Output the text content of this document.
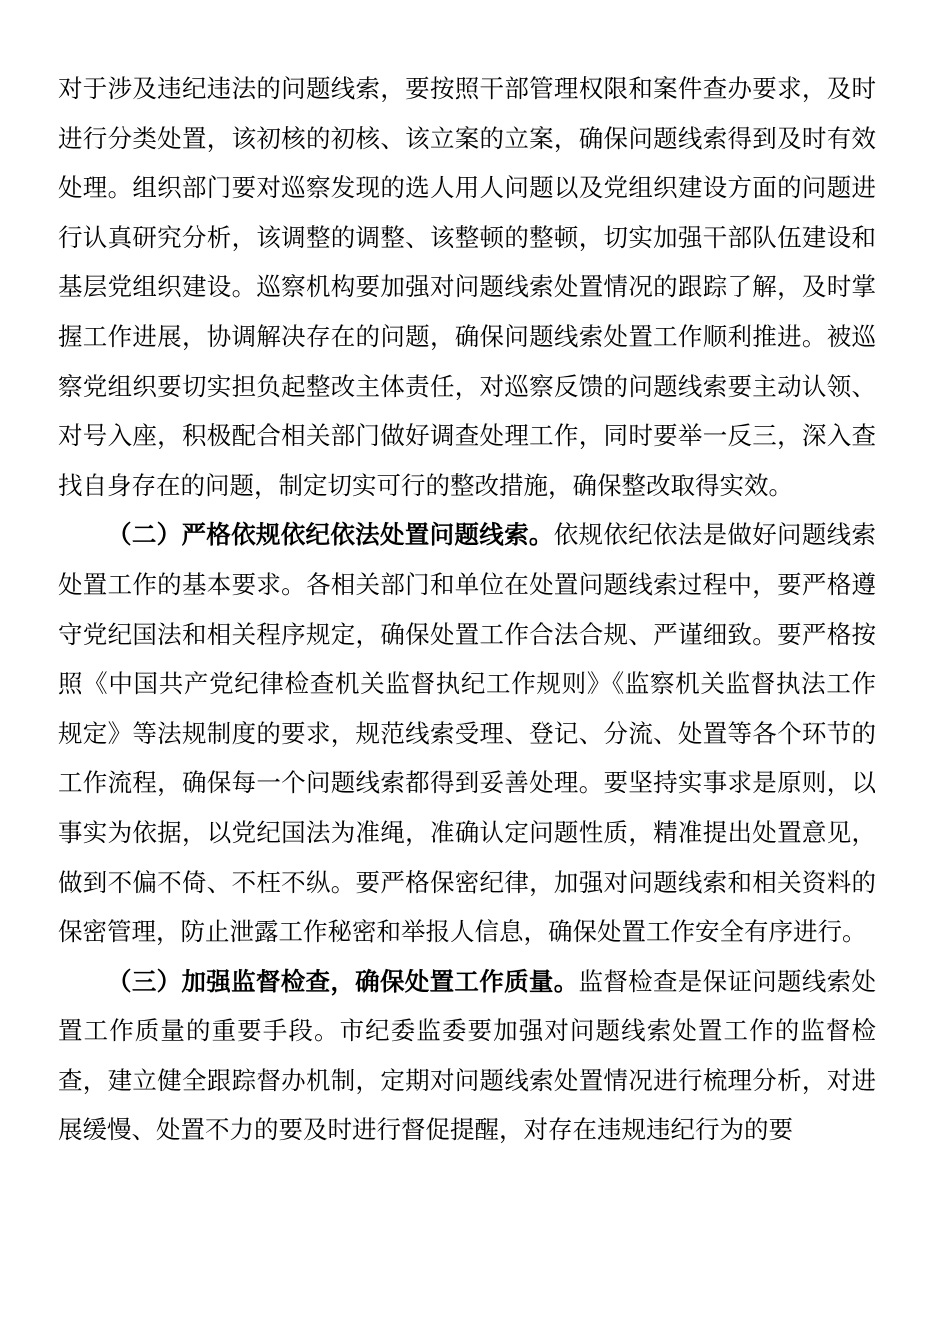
对于涉及违纪违法的问题线索，要按照干部管理权限和案件查办要求，及时进行分类处置，该初核的初核、该立案的立案，确保问题线索得到及时有效处理。组织部门要对巡察发现的选人用人问题以及党组织建设方面的问题进行认真研究分析，该调整的调整、该整顿的整顿，切实加强干部队伍建设和基层党组织建设。巡察机构要加强对问题线索处置情况的跟踪了解，及时掌握工作进展，协调解决存在的问题，确保问题线索处置工作顺利推进。被巡察党组织要切实担负起整改主体责任，对巡察反馈的问题线索要主动认领、对号入座，积极配合相关部门做好调查处理工作，同时要举一反三，深入查找自身存在的问题，制定切实可行的整改措施，确保整改取得实效。

（二）严格依规依纪依法处置问题线索。依规依纪依法是做好问题线索处置工作的基本要求。各相关部门和单位在处置问题线索过程中，要严格遵守党纪国法和相关程序规定，确保处置工作合法合规、严谨细致。要严格按照《中国共产党纪律检查机关监督执纪工作规则》《监察机关监督执法工作规定》等法规制度的要求，规范线索受理、登记、分流、处置等各个环节的工作流程，确保每一个问题线索都得到妥善处理。要坚持实事求是原则，以事实为依据，以党纪国法为准绳，准确认定问题性质，精准提出处置意见，做到不偏不倚、不枉不纵。要严格保密纪律，加强对问题线索和相关资料的保密管理，防止泄露工作秘密和举报人信息，确保处置工作安全有序进行。

（三）加强监督检查，确保处置工作质量。监督检查是保证问题线索处置工作质量的重要手段。市纪委监委要加强对问题线索处置工作的监督检查，建立健全跟踪督办机制，定期对问题线索处置情况进行梳理分析，对进展缓慢、处置不力的要及时进行督促提醒，对存在违规违纪行为的要
